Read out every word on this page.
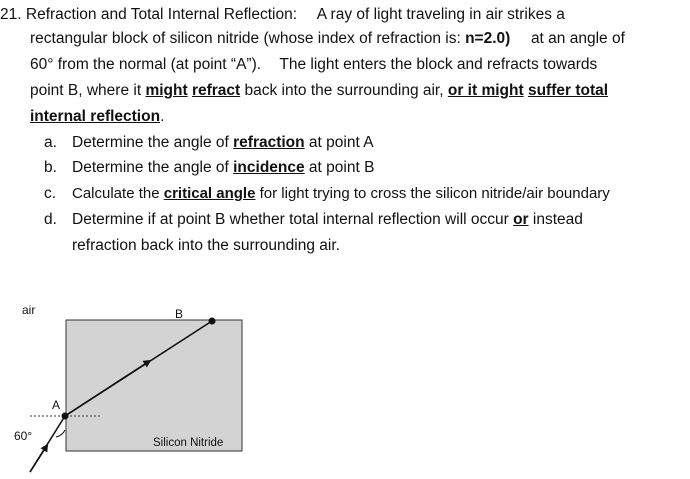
21. Refraction and Total Internal Reflection: A ray of light traveling in air strikes a
rectangular block of silicon nitride (whose index of refraction is: n=2.0) at an angle of
60° from the normal (at point “A”). The light enters the block and refracts towards
point B, where it might refract back into the surrounding air, or it might suffer total
internal reflection.
a. Determine the angle of refraction at point A
b. Determine the angle of incidence at point B
c. Calculate the critical angle for light trying to cross the silicon nitride/air boundary
d. Determine if at point B whether total internal reflection will occur or instead
refraction back into the surrounding air.
air
A
B
60°	Silicon Nitride
